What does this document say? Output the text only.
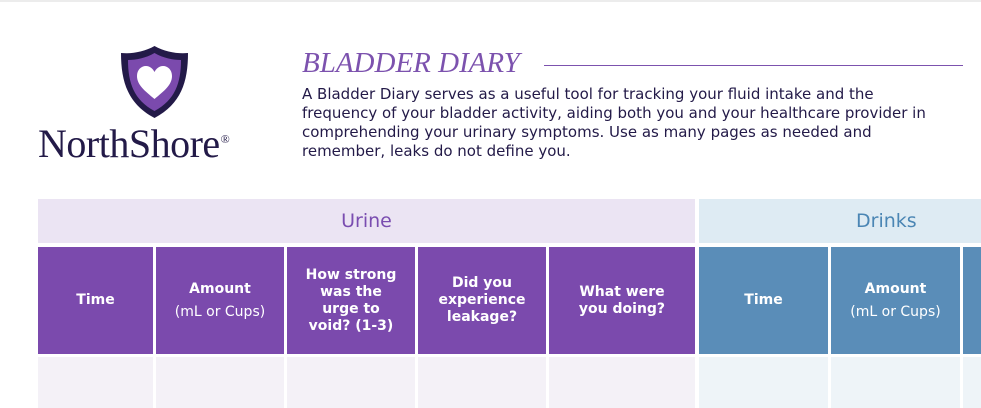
NorthShore®
BLADDER DIARY
A Bladder Diary serves as a useful tool for tracking your fluid intake and the frequency of your bladder activity, aiding both you and your healthcare provider in comprehending your urinary symptoms. Use as many pages as needed and remember, leaks do not define you.
Urine	Drinks
Time
Amount
(mL or Cups)
How strong was the urge to void? (1-3)
Did you experience leakage?
What were you doing?
Time
Amount
(mL or Cups)
